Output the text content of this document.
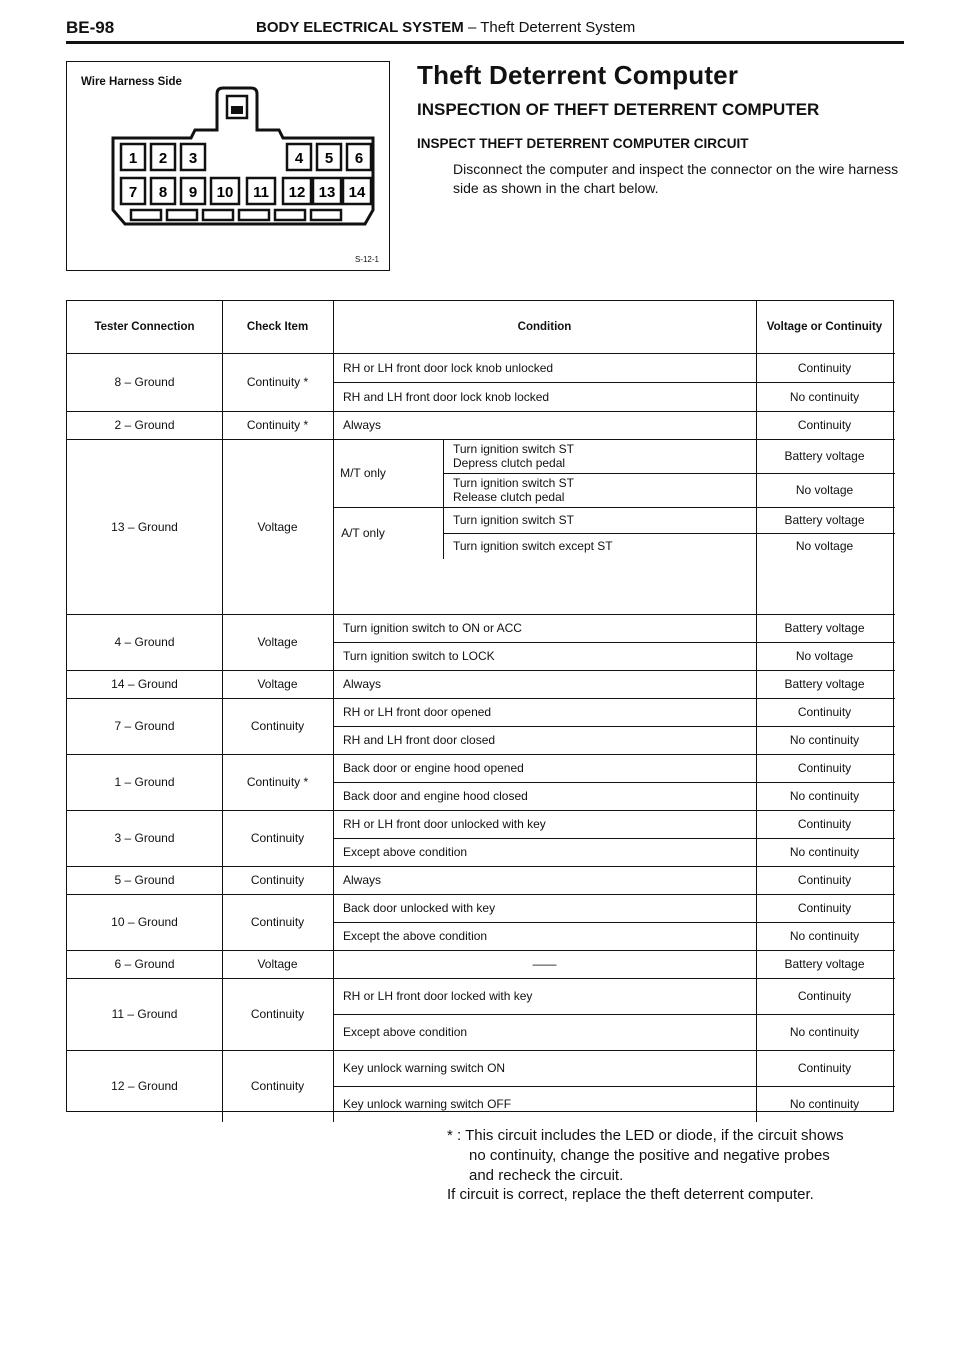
BE-98	BODY ELECTRICAL SYSTEM – Theft Deterrent System
Wire Harness Side
1 2 3	4 5 6
7 8 9 10 11 12 13 14
S-12-1
Theft Deterrent Computer
INSPECTION OF THEFT DETERRENT COMPUTER
INSPECT THEFT DETERRENT COMPUTER CIRCUIT
Disconnect the computer and inspect the connector on the wire harness side as shown in the chart below.
Tester Connection	Check Item	Condition	Voltage or Continuity
8 – Ground	Continuity *
RH or LH front door lock knob unlocked	Continuity
RH and LH front door lock knob locked	No continuity
2 – Ground	Continuity *	Always	Continuity
13 – Ground	Voltage
M/T only
Turn ignition switch ST
Depress clutch pedal	Battery voltage
Turn ignition switch ST
Release clutch pedal	No voltage
A/T only
Turn ignition switch ST	Battery voltage
Turn ignition switch except ST	No voltage
4 – Ground	Voltage
Turn ignition switch to ON or ACC	Battery voltage
Turn ignition switch to LOCK	No voltage
14 – Ground	Voltage	Always	Battery voltage
7 – Ground	Continuity
RH or LH front door opened	Continuity
RH and LH front door closed	No continuity
1 – Ground	Continuity *
Back door or engine hood opened	Continuity
Back door and engine hood closed	No continuity
3 – Ground	Continuity
RH or LH front door unlocked with key	Continuity
Except above condition	No continuity
5 – Ground	Continuity	Always	Continuity
10 – Ground	Continuity
Back door unlocked with key	Continuity
Except the above condition	No continuity
6 – Ground	Voltage	——	Battery voltage
11 – Ground	Continuity
RH or LH front door locked with key	Continuity
Except above condition	No continuity
12 – Ground	Continuity
Key unlock warning switch ON	Continuity
Key unlock warning switch OFF	No continuity
* : This circuit includes the LED or diode, if the circuit shows
no continuity, change the positive and negative probes
and recheck the circuit.
If circuit is correct, replace the theft deterrent computer.
